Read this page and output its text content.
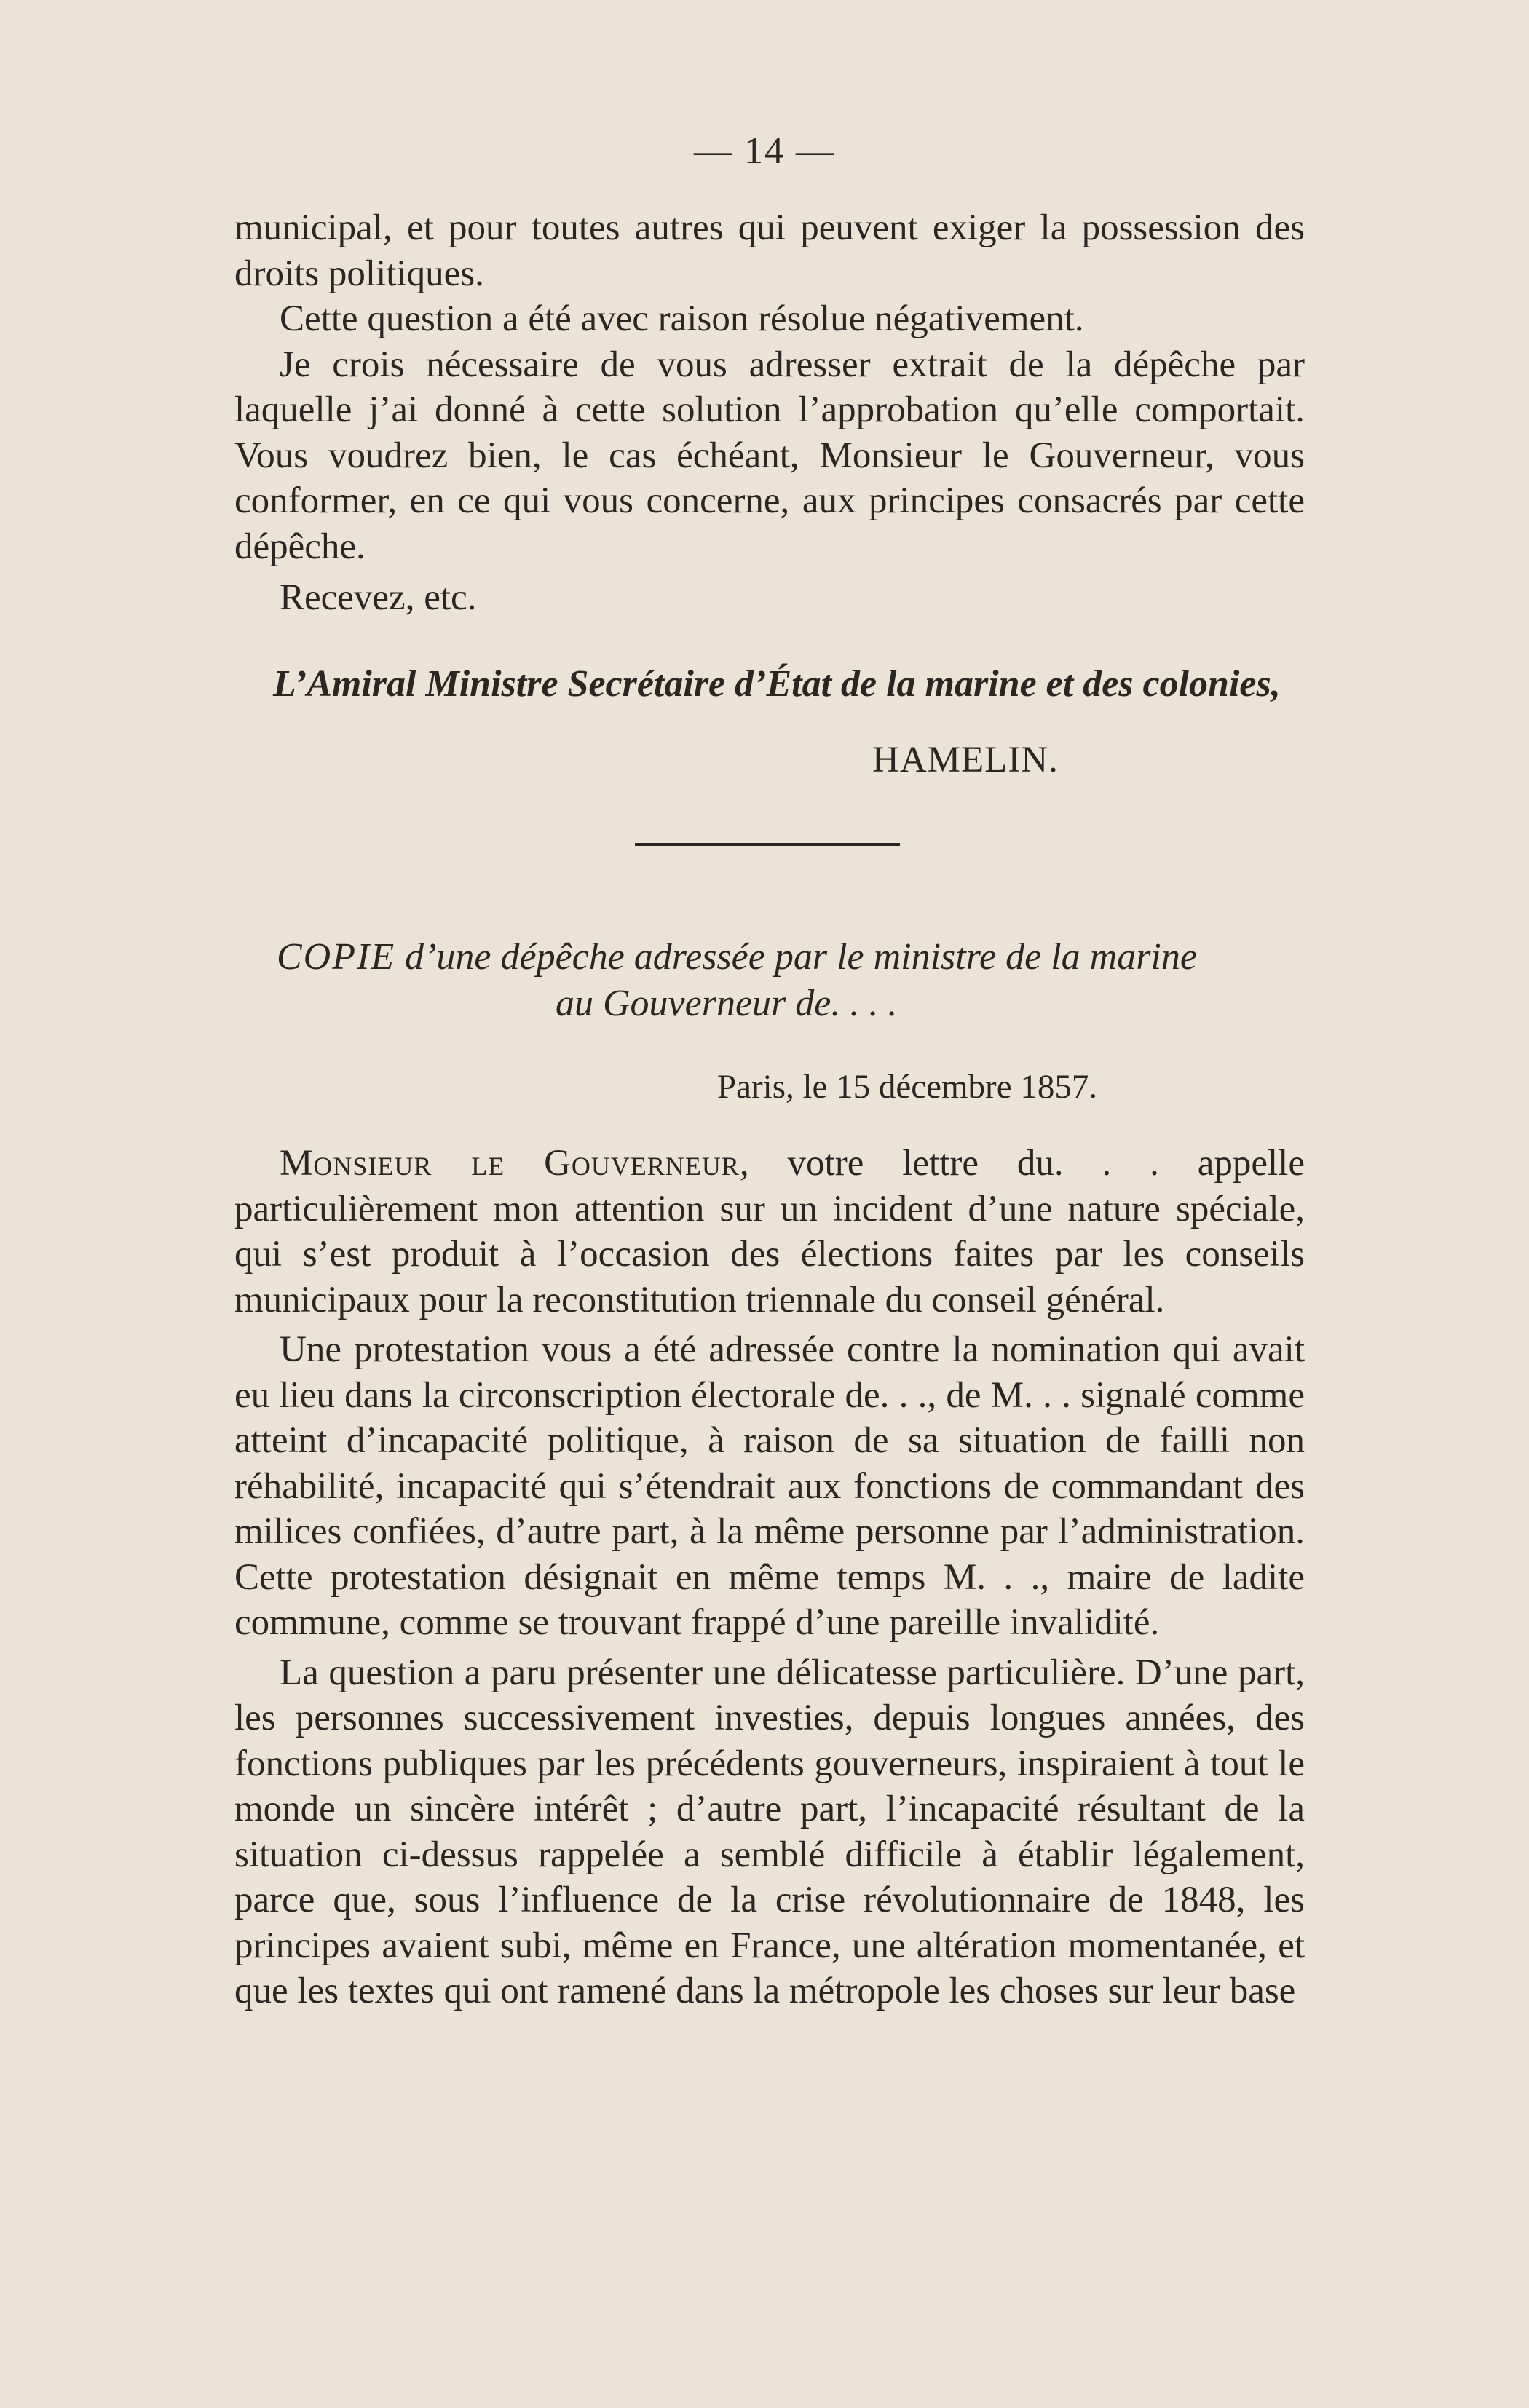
— 14 —

municipal, et pour toutes autres qui peuvent exiger la possession des droits politiques.

Cette question a été avec raison résolue négativement.

Je crois nécessaire de vous adresser extrait de la dépêche par laquelle j’ai donné à cette solution l’approbation qu’elle comportait. Vous voudrez bien, le cas échéant, Monsieur le Gouverneur, vous conformer, en ce qui vous concerne, aux principes consacrés par cette dépêche.

Recevez, etc.

L’Amiral Ministre Secrétaire d’État de la marine et des colonies,
HAMELIN.
COPIE d’une dépêche adressée par le ministre de la marine
au Gouverneur de. . . .
Paris, le 15 décembre 1857.

Monsieur le Gouverneur, votre lettre du. . . appelle particulièrement mon attention sur un incident d’une nature spéciale, qui s’est produit à l’occasion des élections faites par les conseils municipaux pour la reconstitution triennale du conseil général.

Une protestation vous a été adressée contre la nomination qui avait eu lieu dans la circonscription électorale de. . ., de M. . . signalé comme atteint d’incapacité politique, à raison de sa situation de failli non réhabilité, incapacité qui s’étendrait aux fonctions de commandant des milices confiées, d’autre part, à la même personne par l’administration. Cette protestation désignait en même temps M. . ., maire de ladite commune, comme se trouvant frappé d’une pareille invalidité.

La question a paru présenter une délicatesse particulière. D’une part, les personnes successivement investies, depuis longues années, des fonctions publiques par les précédents gouverneurs, inspiraient à tout le monde un sincère intérêt ; d’autre part, l’incapacité résultant de la situation ci-dessus rappelée a semblé difficile à établir légalement, parce que, sous l’influence de la crise révolutionnaire de 1848, les principes avaient subi, même en France, une altération momentanée, et que les textes qui ont ramené dans la métropole les choses sur leur base
